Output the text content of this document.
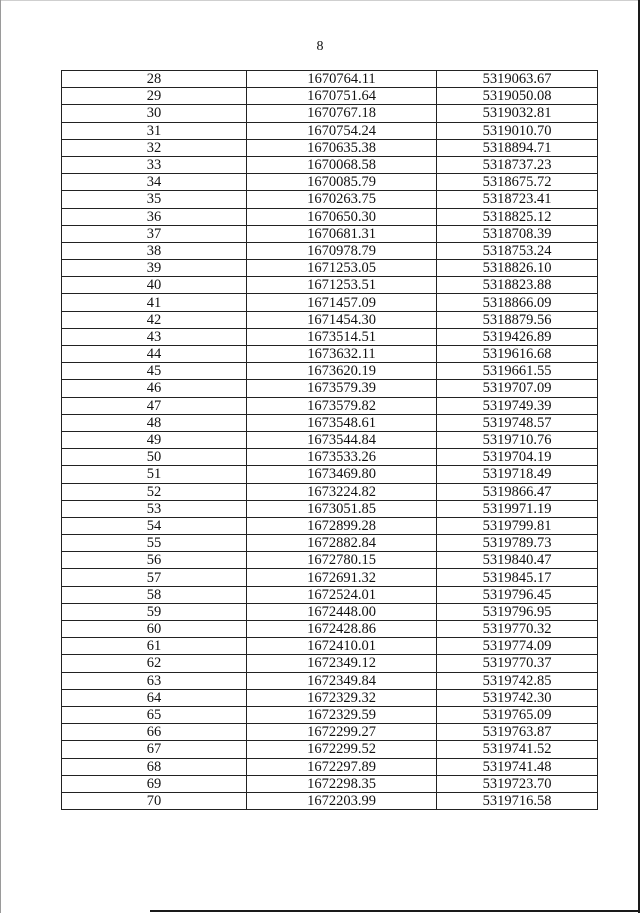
8
28	1670764.11	5319063.67
29	1670751.64	5319050.08
30	1670767.18	5319032.81
31	1670754.24	5319010.70
32	1670635.38	5318894.71
33	1670068.58	5318737.23
34	1670085.79	5318675.72
35	1670263.75	5318723.41
36	1670650.30	5318825.12
37	1670681.31	5318708.39
38	1670978.79	5318753.24
39	1671253.05	5318826.10
40	1671253.51	5318823.88
41	1671457.09	5318866.09
42	1671454.30	5318879.56
43	1673514.51	5319426.89
44	1673632.11	5319616.68
45	1673620.19	5319661.55
46	1673579.39	5319707.09
47	1673579.82	5319749.39
48	1673548.61	5319748.57
49	1673544.84	5319710.76
50	1673533.26	5319704.19
51	1673469.80	5319718.49
52	1673224.82	5319866.47
53	1673051.85	5319971.19
54	1672899.28	5319799.81
55	1672882.84	5319789.73
56	1672780.15	5319840.47
57	1672691.32	5319845.17
58	1672524.01	5319796.45
59	1672448.00	5319796.95
60	1672428.86	5319770.32
61	1672410.01	5319774.09
62	1672349.12	5319770.37
63	1672349.84	5319742.85
64	1672329.32	5319742.30
65	1672329.59	5319765.09
66	1672299.27	5319763.87
67	1672299.52	5319741.52
68	1672297.89	5319741.48
69	1672298.35	5319723.70
70	1672203.99	5319716.58
